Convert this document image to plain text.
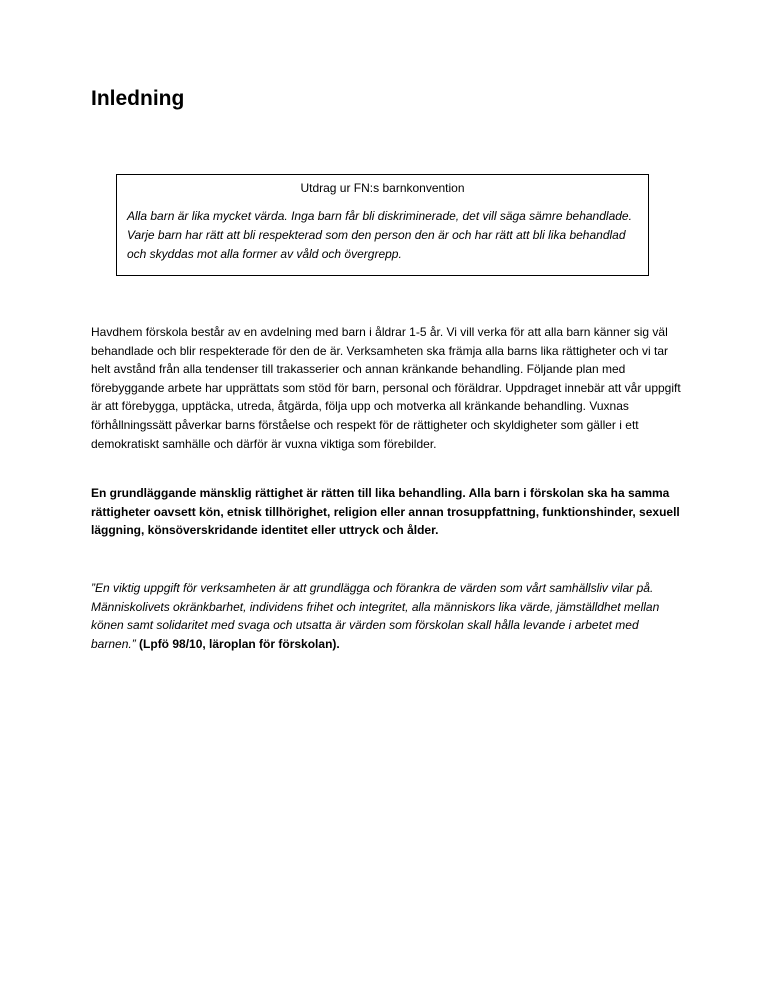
Inledning
Utdrag ur FN:s barnkonvention
Alla barn är lika mycket värda. Inga barn får bli diskriminerade, det vill säga sämre behandlade. Varje barn har rätt att bli respekterad som den person den är och har rätt att bli lika behandlad och skyddas mot alla former av våld och övergrepp.

Havdhem förskola består av en avdelning med barn i åldrar 1-5 år. Vi vill verka för att alla barn känner sig väl behandlade och blir respekterade för den de är. Verksamheten ska främja alla barns lika rättigheter och vi tar helt avstånd från alla tendenser till trakasserier och annan kränkande behandling. Följande plan med förebyggande arbete har upprättats som stöd för barn, personal och föräldrar. Uppdraget innebär att vår uppgift är att förebygga, upptäcka, utreda, åtgärda, följa upp och motverka all kränkande behandling. Vuxnas förhållningssätt påverkar barns förståelse och respekt för de rättigheter och skyldigheter som gäller i ett demokratiskt samhälle och därför är vuxna viktiga som förebilder.

En grundläggande mänsklig rättighet är rätten till lika behandling. Alla barn i förskolan ska ha samma rättigheter oavsett kön, etnisk tillhörighet, religion eller annan trosuppfattning, funktionshinder, sexuell läggning, könsöverskridande identitet eller uttryck och ålder.

”En viktig uppgift för verksamheten är att grundlägga och förankra de värden som vårt samhällsliv vilar på. Människolivets okränkbarhet, individens frihet och integritet, alla människors lika värde, jämställdhet mellan könen samt solidaritet med svaga och utsatta är värden som förskolan skall hålla levande i arbetet med barnen.” (Lpfö 98/10, läroplan för förskolan).
